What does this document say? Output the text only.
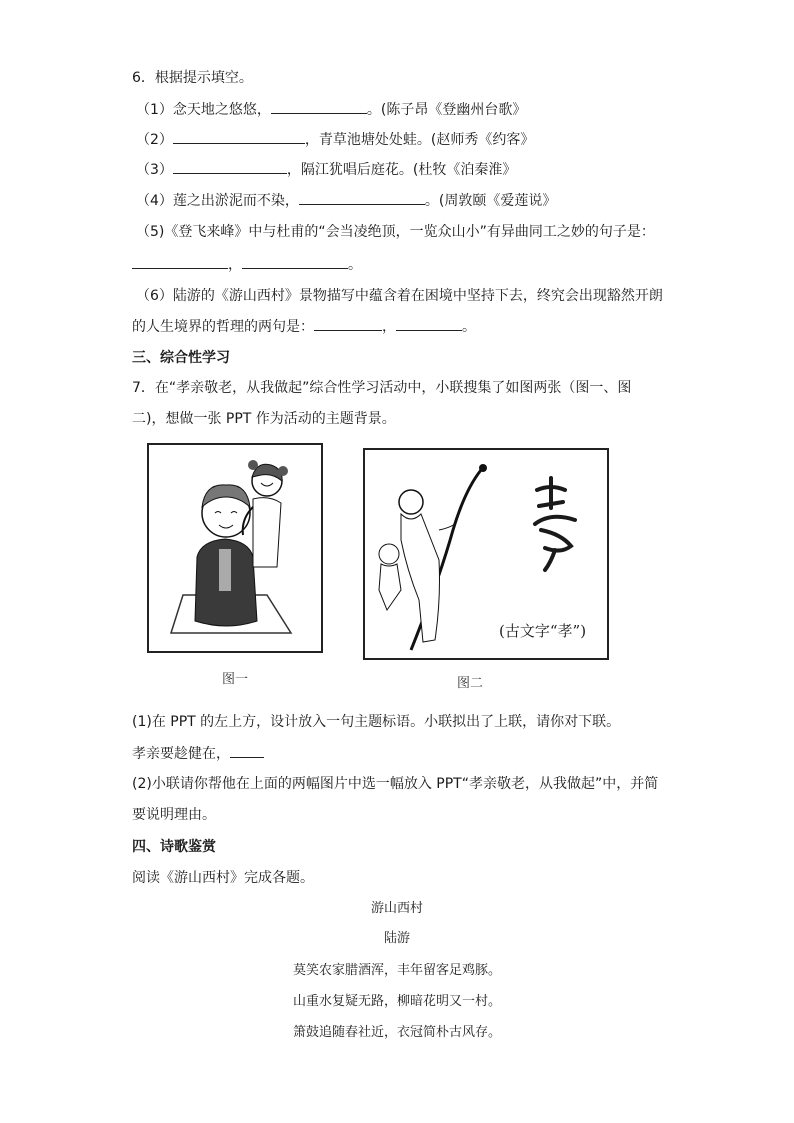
6．根据提示填空。
（1）念天地之悠悠，	。(陈子昂《登幽州台歌》
（2）	，青草池塘处处蛙。(赵师秀《约客》
（3）	，隔江犹唱后庭花。(杜牧《泊秦淮》
（4）莲之出淤泥而不染，	。(周敦颐《爱莲说》
（5)《登飞来峰》中与杜甫的“会当凌绝顶，一览众山小”有异曲同工之妙的句子是：
，	。
（6）陆游的《游山西村》景物描写中蕴含着在困境中坚持下去，终究会出现豁然开朗
的人生境界的哲理的两句是：	，	。
三、综合性学习
7．在“孝亲敬老，从我做起”综合性学习活动中，小联搜集了如图两张（图一、图
二)，想做一张 PPT 作为活动的主题背景。
图一
(古文字“孝”)
图二
(1)在 PPT 的左上方，设计放入一句主题标语。小联拟出了上联，请你对下联。
孝亲要趁健在，
(2)小联请你帮他在上面的两幅图片中选一幅放入 PPT“孝亲敬老，从我做起”中，并简
要说明理由。
四、诗歌鉴赏
阅读《游山西村》完成各题。
游山西村
陆游
莫笑农家腊酒浑，丰年留客足鸡豚。
山重水复疑无路，柳暗花明又一村。
箫鼓追随春社近，衣冠简朴古风存。
